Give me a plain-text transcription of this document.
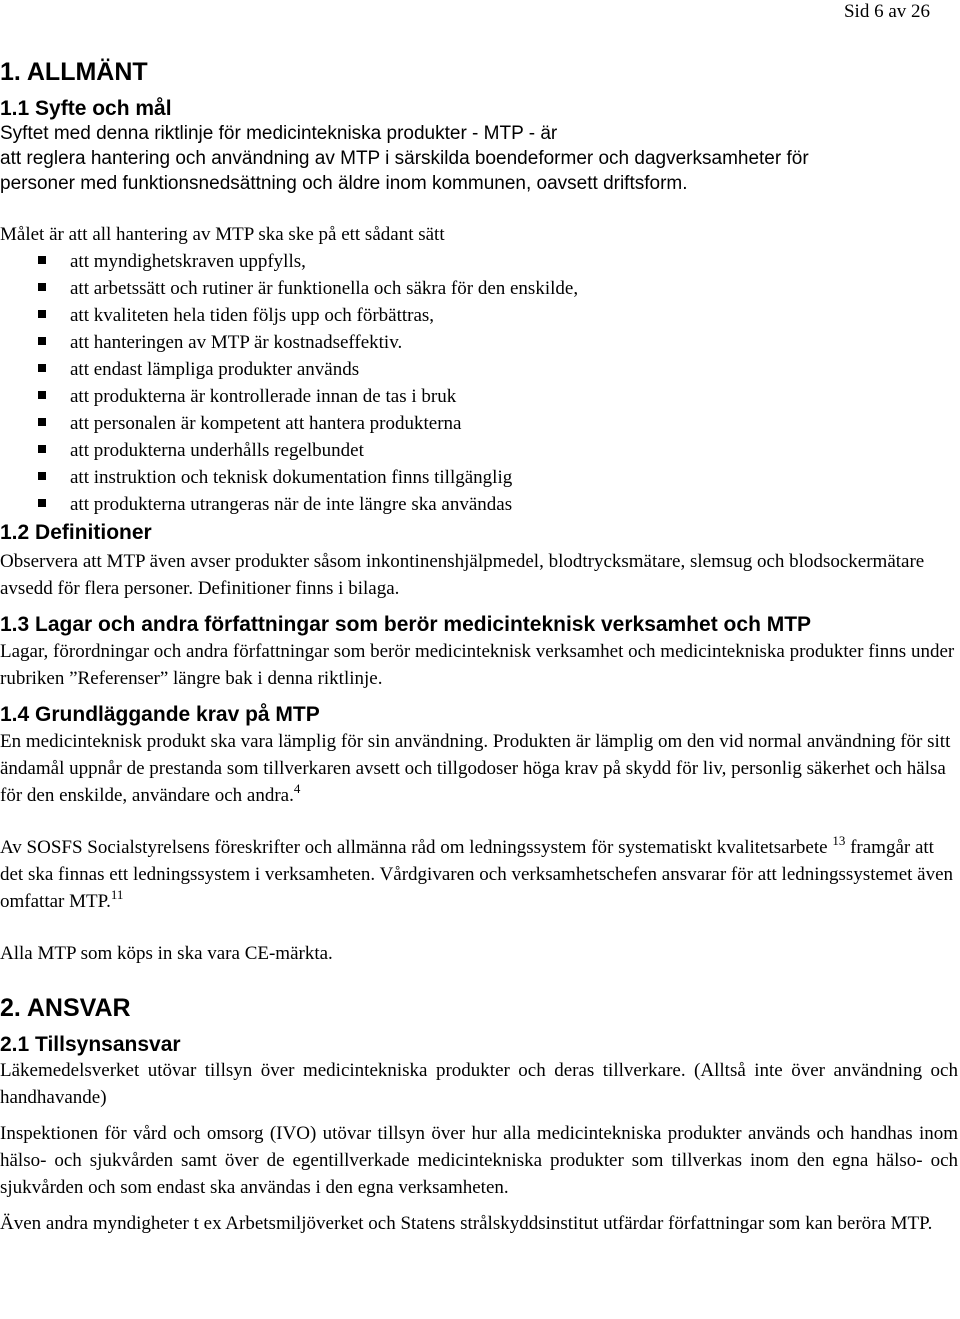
Sid 6 av 26
1. ALLMÄNT
1.1 Syfte och mål

Syftet med denna riktlinje för medicintekniska produkter - MTP - är

att reglera hantering och användning av MTP i särskilda boendeformer och dagverksamheter för

personer med funktionsnedsättning och äldre inom kommunen, oavsett driftsform.

Målet är att all hantering av MTP ska ske på ett sådant sätt

att myndighetskraven uppfylls,
att arbetssätt och rutiner är funktionella och säkra för den enskilde,
att kvaliteten hela tiden följs upp och förbättras,
att hanteringen av MTP är kostnadseffektiv.
att endast lämpliga produkter används
att produkterna är kontrollerade innan de tas i bruk
att personalen är kompetent att hantera produkterna
att produkterna underhålls regelbundet
att instruktion och teknisk dokumentation finns tillgänglig
att produkterna utrangeras när de inte längre ska användas
1.2 Definitioner

Observera att MTP även avser produkter såsom inkontinenshjälpmedel, blodtrycksmätare, slemsug och blodsockermätare avsedd för flera personer. Definitioner finns i bilaga.

1.3 Lagar och andra författningar som berör medicinteknisk verksamhet och MTP

Lagar, förordningar och andra författningar som berör medicinteknisk verksamhet och medicintekniska produkter finns under rubriken ”Referenser” längre bak i denna riktlinje.

1.4 Grundläggande krav på MTP

En medicinteknisk produkt ska vara lämplig för sin användning. Produkten är lämplig om den vid normal användning för sitt ändamål uppnår de prestanda som tillverkaren avsett och tillgodoser höga krav på skydd för liv, personlig säkerhet och hälsa för den enskilde, användare och andra.$^4$

Av SOSFS Socialstyrelsens föreskrifter och allmänna råd om ledningssystem för systematiskt kvalitetsarbete $^{13}$ framgår att det ska finnas ett ledningssystem i verksamheten. Vårdgivaren och verksamhetschefen ansvarar för att ledningssystemet även omfattar MTP.$^{11}$

Alla MTP som köps in ska vara CE-märkta.

2. ANSVAR
2.1 Tillsynsansvar

Läkemedelsverket utövar tillsyn över medicintekniska produkter och deras tillverkare. (Alltså inte över användning och handhavande)

Inspektionen för vård och omsorg (IVO) utövar tillsyn över hur alla medicintekniska produkter används och handhas inom hälso- och sjukvården samt över de egentillverkade medicintekniska produkter som tillverkas inom den egna hälso- och sjukvården och som endast ska användas i den egna verksamheten.

Även andra myndigheter t ex Arbetsmiljöverket och Statens strålskyddsinstitut utfärdar författningar som kan beröra MTP.
